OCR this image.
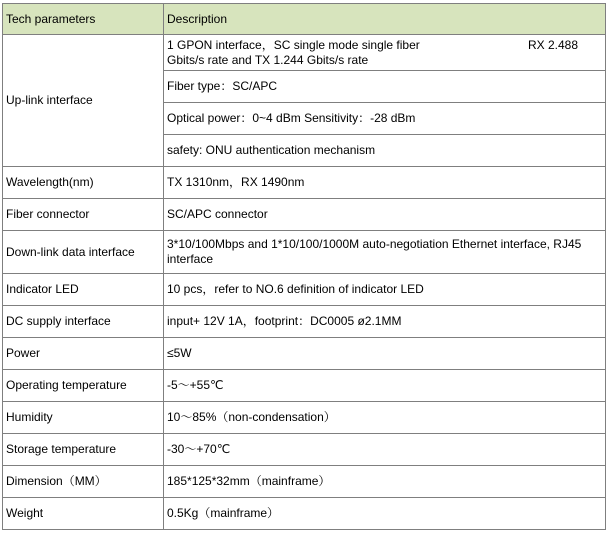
Tech parameters	Description
Up-link interface	1 GPON interface，SC single mode single fiber RX 2.488

Gbits/s rate and TX 1.244 Gbits/s rate

	Fiber type：SC/APC
	Optical power：0~4 dBm Sensitivity：-28 dBm
	safety: ONU authentication mechanism
Wavelength(nm)	TX 1310nm，RX 1490nm
Fiber connector	SC/APC connector
Down-link data interface	3*10/100Mbps and 1*10/100/1000M auto-negotiation Ethernet interface, RJ45 interface
Indicator LED	10 pcs，refer to NO.6 definition of indicator LED
DC supply interface	input+ 12V 1A，footprint：DC0005 ø2.1MM
Power	≤5W
Operating temperature	-5～+55℃
Humidity	10～85%（non-condensation）
Storage temperature	-30～+70℃
Dimension（MM）	185*125*32mm（mainframe）
Weight	0.5Kg（mainframe）
